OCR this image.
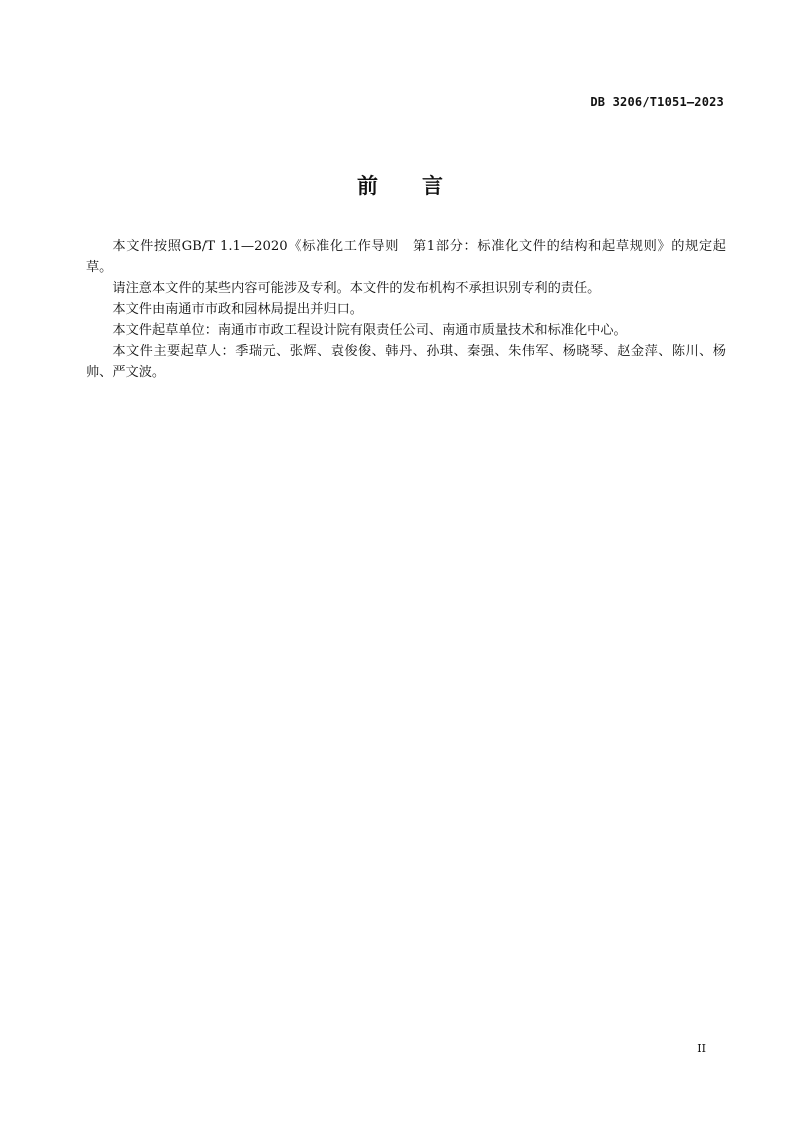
DB 3206/T1051—2023
前 言

本文件按照GB/T 1.1—2020《标准化工作导则　第1部分：标准化文件的结构和起草规则》的规定起草。

请注意本文件的某些内容可能涉及专利。本文件的发布机构不承担识别专利的责任。

本文件由南通市市政和园林局提出并归口。

本文件起草单位：南通市市政工程设计院有限责任公司、南通市质量技术和标准化中心。

本文件主要起草人：季瑞元、张辉、袁俊俊、韩丹、孙琪、秦强、朱伟军、杨晓琴、赵金萍、陈川、杨帅、严文波。

II
